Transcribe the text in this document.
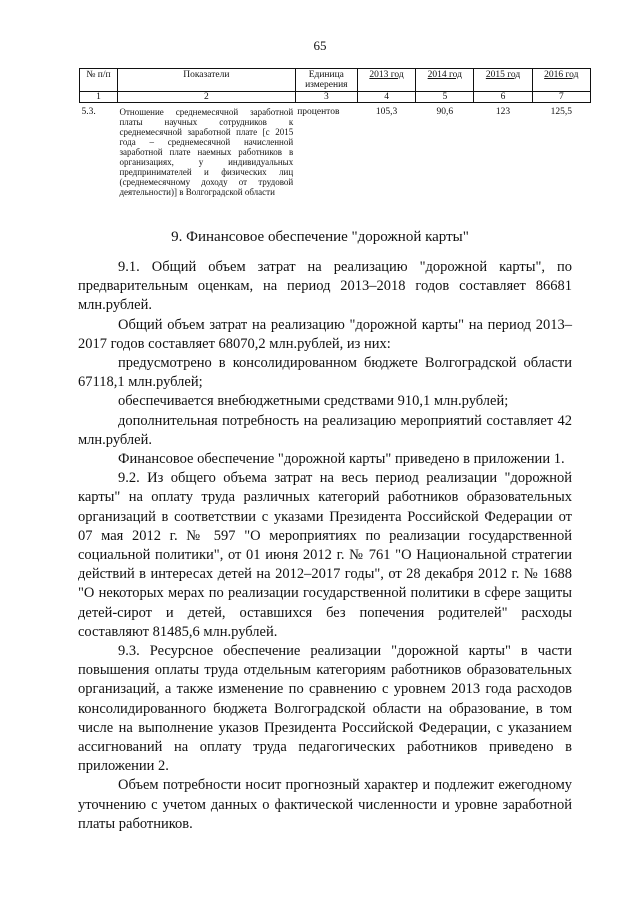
65
№ п/п	Показатели	Единица измерения	2013 год	2014 год	2015 год	2016 год
1	2	3	4	5	6	7
5.3.	Отношение среднемесячной заработной платы научных сотрудников к среднемесячной заработной плате [с 2015 года – среднемесячной начисленной заработной плате наемных работников в организациях, у индивидуальных предпринимателей и физических лиц (среднемесячному доходу от трудовой деятельности)] в Волгоградской области	процентов	105,3	90,6	123	125,5
9. Финансовое обеспечение "дорожной карты"

9.1. Общий объем затрат на реализацию "дорожной карты", по предварительным оценкам, на период 2013–2018 годов составляет 86681 млн.рублей.

Общий объем затрат на реализацию "дорожной карты" на период 2013–2017 годов составляет 68070,2 млн.рублей, из них:

предусмотрено в консолидированном бюджете Волгоградской области 67118,1 млн.рублей;

обеспечивается внебюджетными средствами 910,1 млн.рублей;

дополнительная потребность на реализацию мероприятий составляет 42 млн.рублей.

Финансовое обеспечение "дорожной карты" приведено в приложении 1.

9.2. Из общего объема затрат на весь период реализации "дорожной карты" на оплату труда различных категорий работников образовательных организаций в соответствии с указами Президента Российской Федерации от 07 мая 2012 г. № 597 "О мероприятиях по реализации государственной социальной политики", от 01 июня 2012 г. № 761 "О Национальной стратегии действий в интересах детей на 2012–2017 годы", от 28 декабря 2012 г. № 1688 "О некоторых мерах по реализации государственной политики в сфере защиты детей-сирот и детей, оставшихся без попечения родителей" расходы составляют 81485,6 млн.рублей.

9.3. Ресурсное обеспечение реализации "дорожной карты" в части повышения оплаты труда отдельным категориям работников образовательных организаций, а также изменение по сравнению с уровнем 2013 года расходов консолидированного бюджета Волгоградской области на образование, в том числе на выполнение указов Президента Российской Федерации, с указанием ассигнований на оплату труда педагогических работников приведено в приложении 2.

Объем потребности носит прогнозный характер и подлежит ежегодному уточнению с учетом данных о фактической численности и уровне заработной платы работников.
